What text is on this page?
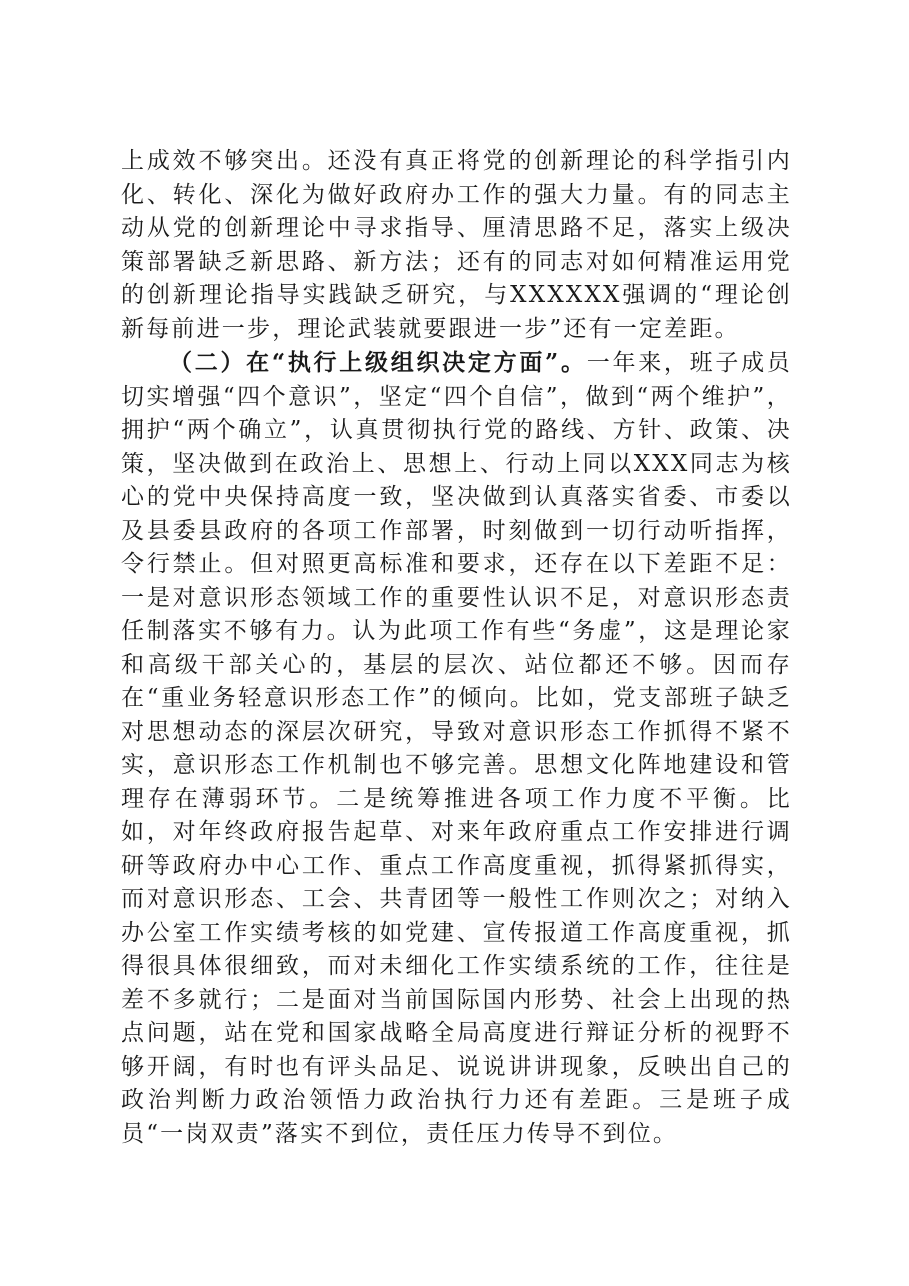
上成效不够突出。还没有真正将党的创新理论的科学指引内化、转化、深化为做好政府办工作的强大力量。有的同志主动从党的创新理论中寻求指导、厘清思路不足，落实上级决策部署缺乏新思路、新方法；还有的同志对如何精准运用党的创新理论指导实践缺乏研究，与XXXXXX强调的“理论创新每前进一步，理论武装就要跟进一步”还有一定差距。

（二）在“执行上级组织决定方面”。一年来，班子成员切实增强“四个意识”，坚定“四个自信”，做到“两个维护”，拥护“两个确立”，认真贯彻执行党的路线、方针、政策、决策，坚决做到在政治上、思想上、行动上同以XXX同志为核心的党中央保持高度一致，坚决做到认真落实省委、市委以及县委县政府的各项工作部署，时刻做到一切行动听指挥，令行禁止。但对照更高标准和要求，还存在以下差距不足：一是对意识形态领域工作的重要性认识不足，对意识形态责任制落实不够有力。认为此项工作有些“务虚”，这是理论家和高级干部关心的，基层的层次、站位都还不够。因而存在“重业务轻意识形态工作”的倾向。比如，党支部班子缺乏对思想动态的深层次研究，导致对意识形态工作抓得不紧不实，意识形态工作机制也不够完善。思想文化阵地建设和管理存在薄弱环节。二是统筹推进各项工作力度不平衡。比如，对年终政府报告起草、对来年政府重点工作安排进行调研等政府办中心工作、重点工作高度重视，抓得紧抓得实，而对意识形态、工会、共青团等一般性工作则次之；对纳入办公室工作实绩考核的如党建、宣传报道工作高度重视，抓得很具体很细致，而对未细化工作实绩系统的工作，往往是差不多就行；二是面对当前国际国内形势、社会上出现的热点问题，站在党和国家战略全局高度进行辩证分析的视野不够开阔，有时也有评头品足、说说讲讲现象，反映出自己的政治判断力政治领悟力政治执行力还有差距。三是班子成员“一岗双责”落实不到位，责任压力传导不到位。
